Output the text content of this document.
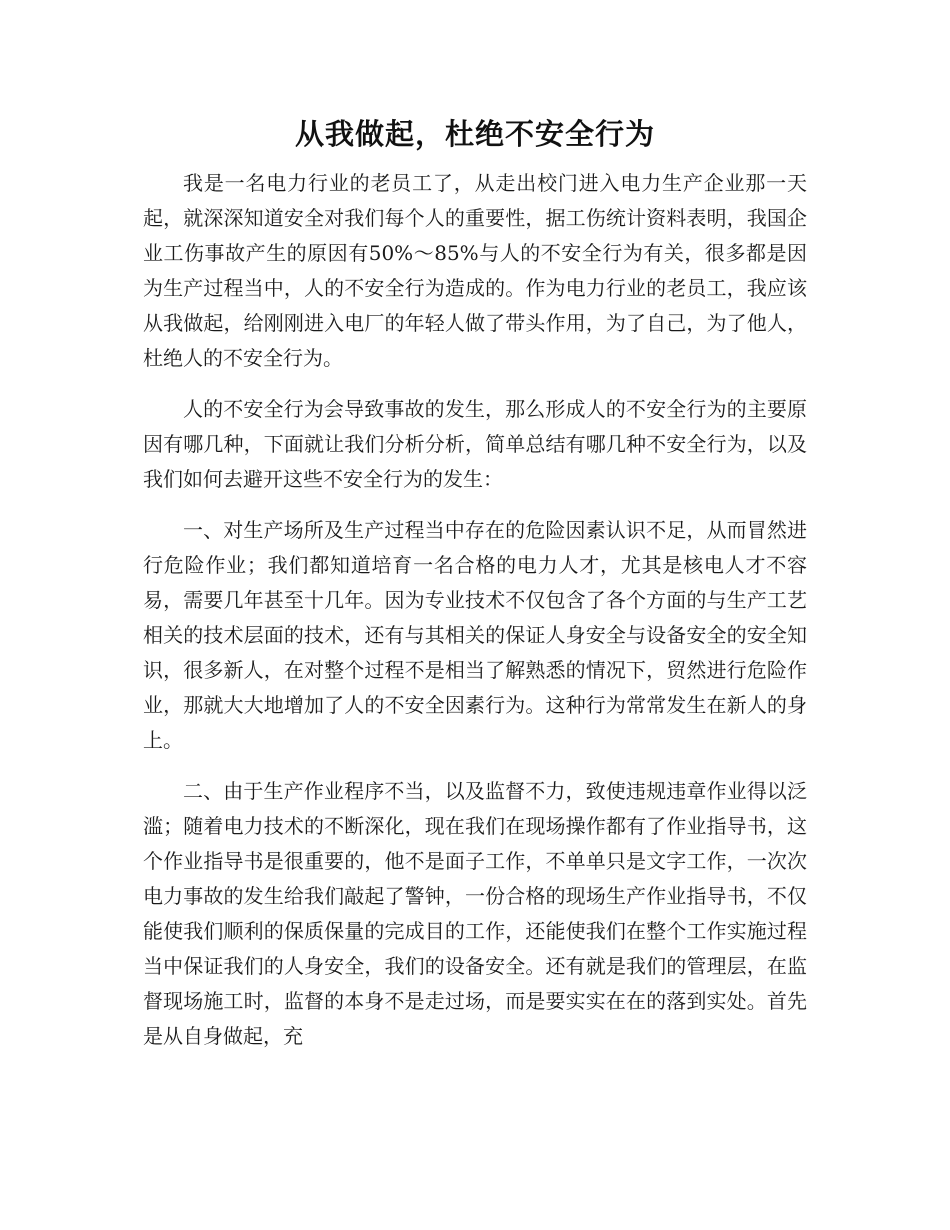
从我做起，杜绝不安全行为

我是一名电力行业的老员工了，从走出校门进入电力生产企业那一天起，就深深知道安全对我们每个人的重要性，据工伤统计资料表明，我国企业工伤事故产生的原因有50%～85%与人的不安全行为有关，很多都是因为生产过程当中，人的不安全行为造成的。作为电力行业的老员工，我应该从我做起，给刚刚进入电厂的年轻人做了带头作用，为了自己，为了他人，杜绝人的不安全行为。

人的不安全行为会导致事故的发生，那么形成人的不安全行为的主要原因有哪几种，下面就让我们分析分析，简单总结有哪几种不安全行为，以及我们如何去避开这些不安全行为的发生：

一、对生产场所及生产过程当中存在的危险因素认识不足，从而冒然进行危险作业；我们都知道培育一名合格的电力人才，尤其是核电人才不容易，需要几年甚至十几年。因为专业技术不仅包含了各个方面的与生产工艺相关的技术层面的技术，还有与其相关的保证人身安全与设备安全的安全知识，很多新人，在对整个过程不是相当了解熟悉的情况下，贸然进行危险作业，那就大大地增加了人的不安全因素行为。这种行为常常发生在新人的身上。

二、由于生产作业程序不当，以及监督不力，致使违规违章作业得以泛滥；随着电力技术的不断深化，现在我们在现场操作都有了作业指导书，这个作业指导书是很重要的，他不是面子工作，不单单只是文字工作，一次次电力事故的发生给我们敲起了警钟，一份合格的现场生产作业指导书，不仅能使我们顺利的保质保量的完成目的工作，还能使我们在整个工作实施过程当中保证我们的人身安全，我们的设备安全。还有就是我们的管理层，在监督现场施工时，监督的本身不是走过场，而是要实实在在的落到实处。首先是从自身做起，充
